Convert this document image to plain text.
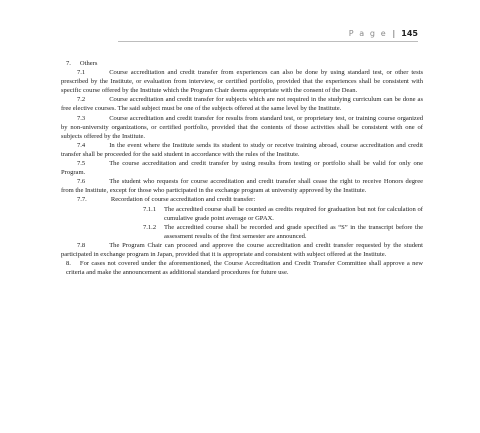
P a g e | 145

7. Others

7.1	Course accreditation and credit transfer from experiences can also be done by using standard test, or other tests prescribed by the Institute, or evaluation from interview, or certified portfolio, provided that the experiences shall be consistent with specific course offered by the Institute which the Program Chair deems appropriate with the consent of the Dean.

7.2	Course accreditation and credit transfer for subjects which are not required in the studying curriculum can be done as free elective courses. The said subject must be one of the subjects offered at the same level by the Institute.

7.3	Course accreditation and credit transfer for results from standard test, or proprietary test, or training course organized by non-university organizations, or certified portfolio, provided that the contents of those activities shall be consistent with one of subjects offered by the Institute.

7.4	In the event where the Institute sends its student to study or receive training abroad, course accreditation and credit transfer shall be proceeded for the said student in accordance with the rules of the Institute.

7.5	The course accreditation and credit transfer by using results from testing or portfolio shall be valid for only one Program.

7.6	The student who requests for course accreditation and credit transfer shall cease the right to receive Honors degree from the Institute, except for those who participated in the exchange program at university approved by the Institute.

7.7.	Recordation of course accreditation and credit transfer:

7.1.1 The accredited course shall be counted as credits required for graduation but not for calculation of cumulative grade point average or GPAX.

7.1.2 The accredited course shall be recorded and grade specified as “S” in the transcript before the assessment results of the first semester are announced.

7.8	The Program Chair can proceed and approve the course accreditation and credit transfer requested by the student participated in exchange program in Japan, provided that it is appropriate and consistent with subject offered at the Institute.

8. For cases not covered under the aforementioned, the Course Accreditation and Credit Transfer Committee shall approve a new criteria and make the announcement as additional standard procedures for future use.
